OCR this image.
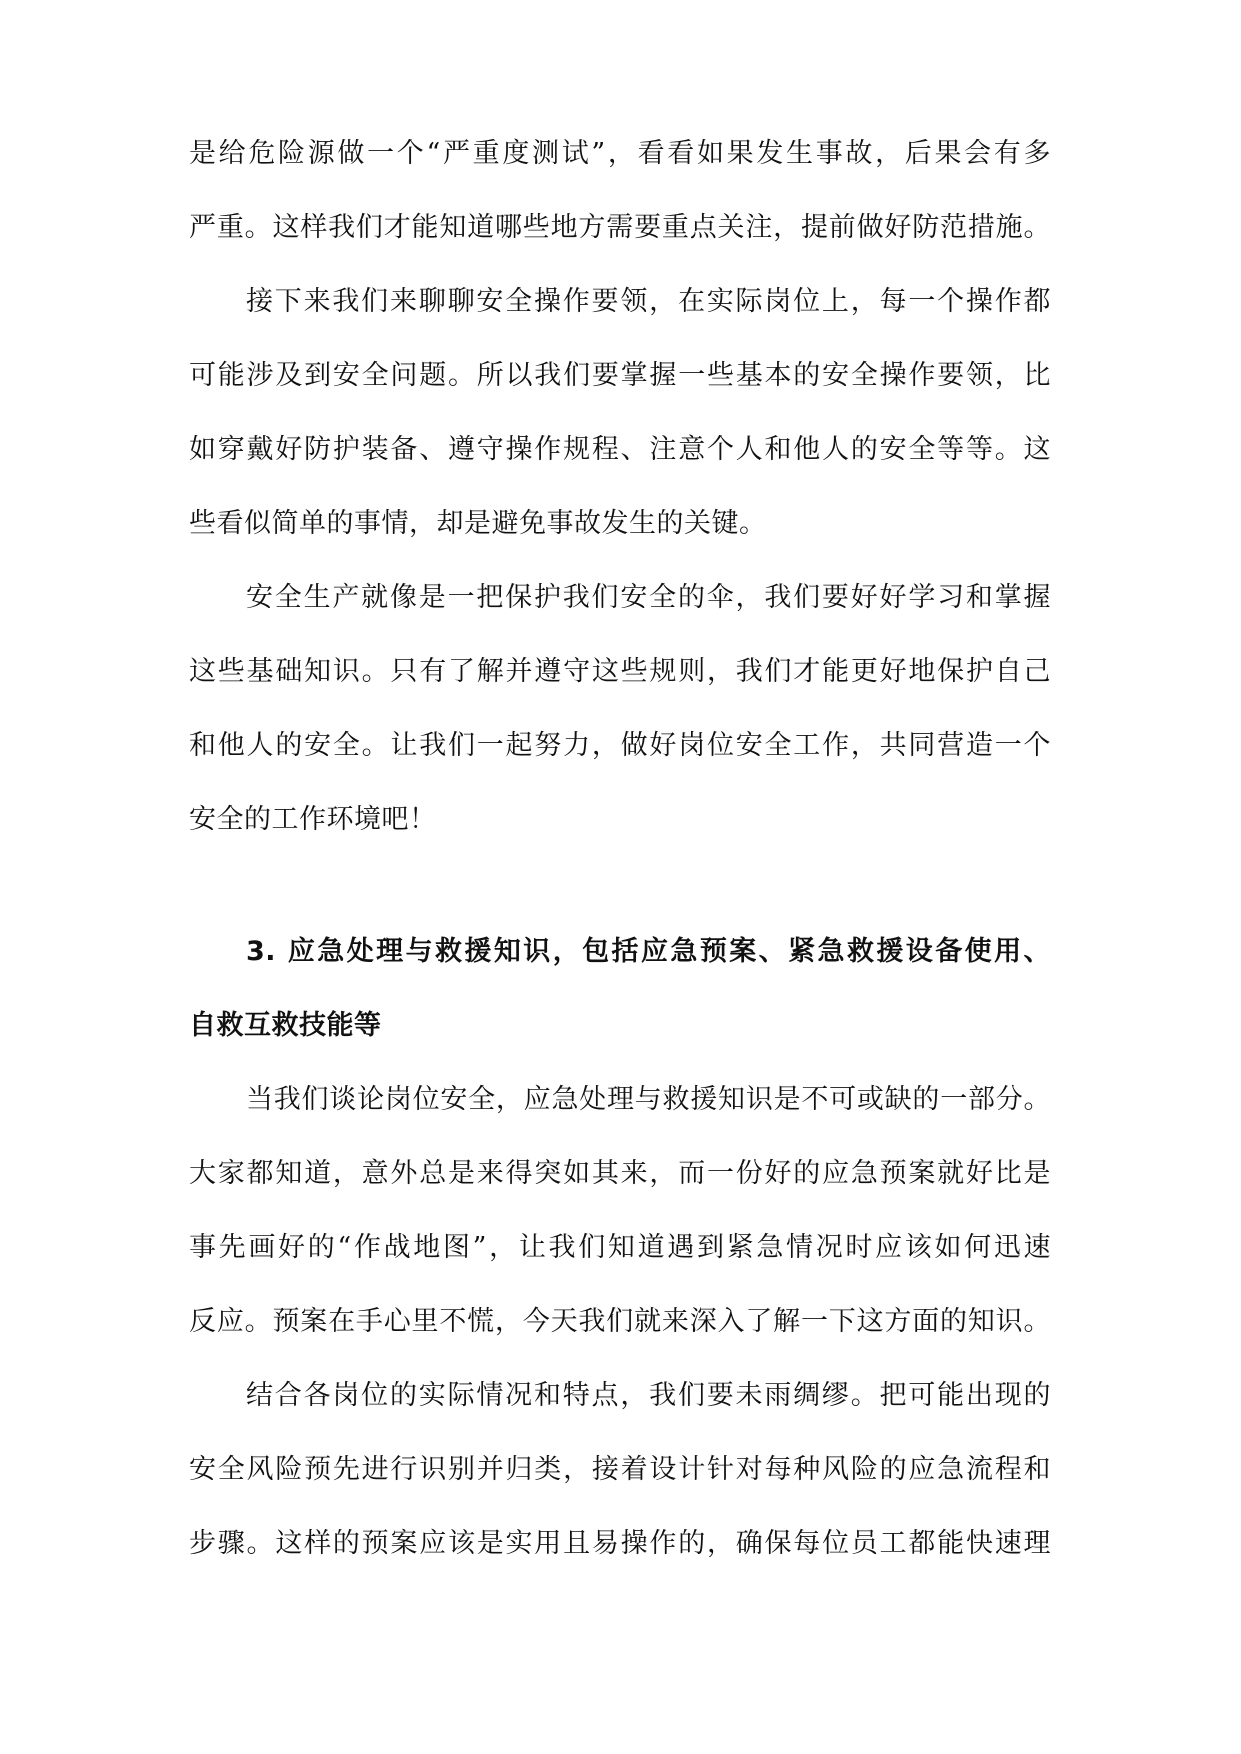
是给危险源做一个“严重度测试”，看看如果发生事故，后果会有多
严重。这样我们才能知道哪些地方需要重点关注，提前做好防范措施。
接下来我们来聊聊安全操作要领，在实际岗位上，每一个操作都
可能涉及到安全问题。所以我们要掌握一些基本的安全操作要领，比
如穿戴好防护装备、遵守操作规程、注意个人和他人的安全等等。这
些看似简单的事情，却是避免事故发生的关键。
安全生产就像是一把保护我们安全的伞，我们要好好学习和掌握
这些基础知识。只有了解并遵守这些规则，我们才能更好地保护自己
和他人的安全。让我们一起努力，做好岗位安全工作，共同营造一个
安全的工作环境吧！
3. 应急处理与救援知识，包括应急预案、紧急救援设备使用、
自救互救技能等
当我们谈论岗位安全，应急处理与救援知识是不可或缺的一部分。
大家都知道，意外总是来得突如其来，而一份好的应急预案就好比是
事先画好的“作战地图”，让我们知道遇到紧急情况时应该如何迅速
反应。预案在手心里不慌，今天我们就来深入了解一下这方面的知识。
结合各岗位的实际情况和特点，我们要未雨绸缪。把可能出现的
安全风险预先进行识别并归类，接着设计针对每种风险的应急流程和
步骤。这样的预案应该是实用且易操作的，确保每位员工都能快速理
